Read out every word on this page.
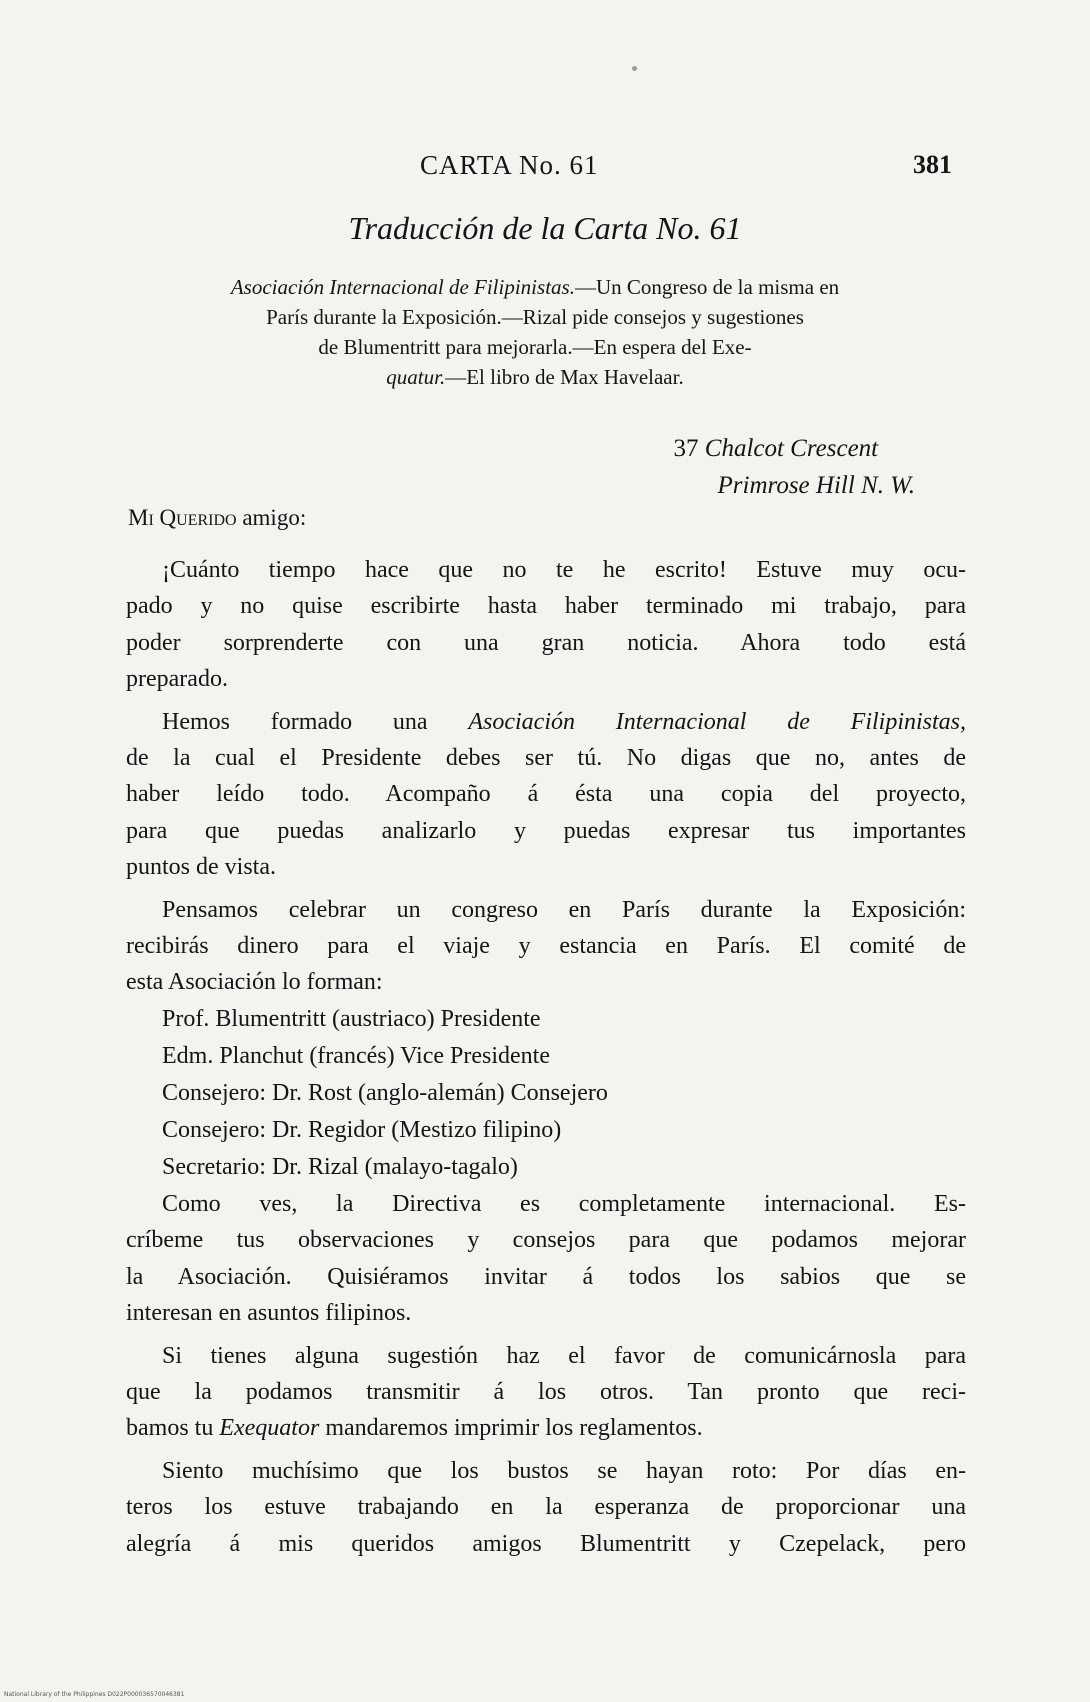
CARTA No. 61	381
Traducción de la Carta No. 61
Asociación Internacional de Filipinistas.—Un Congreso de la misma en
París durante la Exposición.—Rizal pide consejos y sugestiones
de Blumentritt para mejorarla.—En espera del Exe-
quatur.—El libro de Max Havelaar.
37 Chalcot Crescent
Primrose Hill N. W.
Mi Querido amigo:

¡Cuánto tiempo hace que no te he escrito! Estuve muy ocu-

pado y no quise escribirte hasta haber terminado mi trabajo, para

poder sorprenderte con una gran noticia. Ahora todo está

preparado.

Hemos formado una Asociación Internacional de Filipinistas,

de la cual el Presidente debes ser tú. No digas que no, antes de

haber leído todo. Acompaño á ésta una copia del proyecto,

para que puedas analizarlo y puedas expresar tus importantes

puntos de vista.

Pensamos celebrar un congreso en París durante la Exposición:

recibirás dinero para el viaje y estancia en París. El comité de

esta Asociación lo forman:

Prof. Blumentritt (austriaco) Presidente
Edm. Planchut (francés) Vice Presidente
Consejero: Dr. Rost (anglo-alemán) Consejero
Consejero: Dr. Regidor (Mestizo filipino)
Secretario: Dr. Rizal (malayo-tagalo)

Como ves, la Directiva es completamente internacional. Es-

críbeme tus observaciones y consejos para que podamos mejorar

la Asociación. Quisiéramos invitar á todos los sabios que se

interesan en asuntos filipinos.

Si tienes alguna sugestión haz el favor de comunicárnosla para

que la podamos transmitir á los otros. Tan pronto que reci-

bamos tu Exequator mandaremos imprimir los reglamentos.

Siento muchísimo que los bustos se hayan roto: Por días en-

teros los estuve trabajando en la esperanza de proporcionar una

alegría á mis queridos amigos Blumentritt y Czepelack, pero

National Library of the Philippines D022P000036570046381
